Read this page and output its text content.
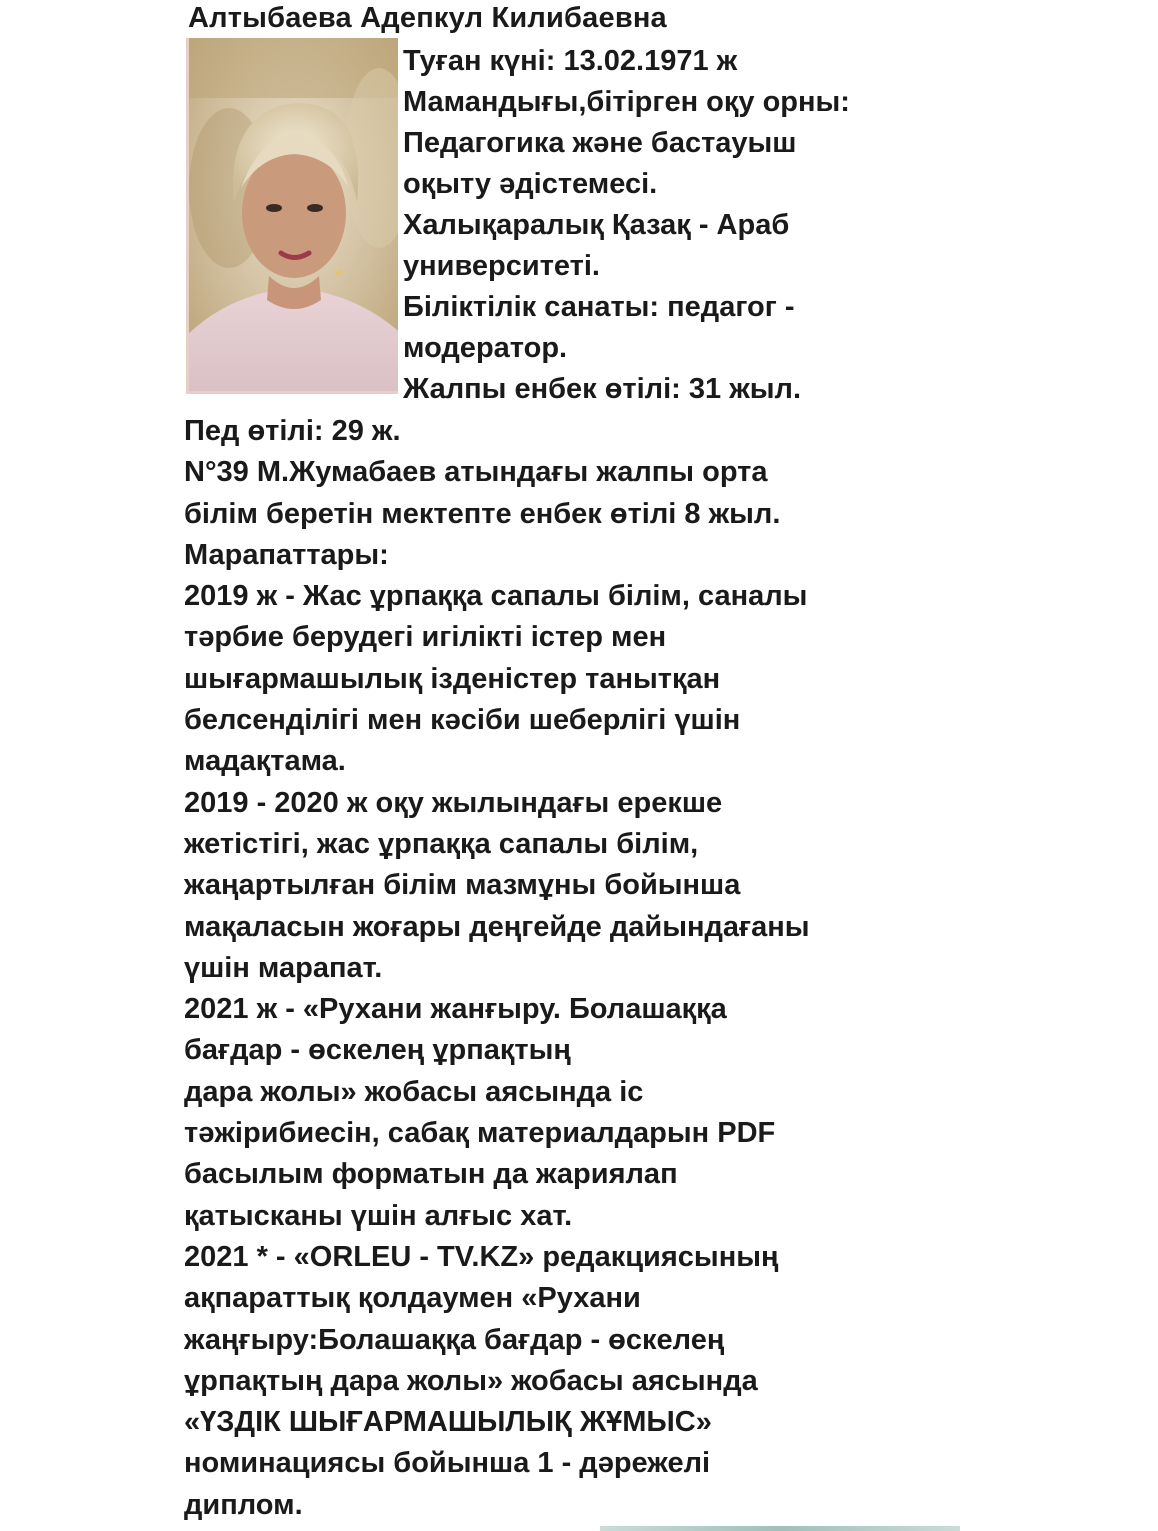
Алтыбаева Адепкул Килибаевна
Туған күні: 13.02.1971 ж
Мамандығы,бітірген оқу орны:
Педагогика және бастауыш
оқыту әдістемесі.
Халықаралық Қазақ - Араб
университеті.
Біліктілік санаты: педагог -
модератор.
Жалпы енбек өтілі: 31 жыл.
Пед өтілі: 29 ж.
N°39 М.Жумабаев атындағы жалпы орта
білім беретін мектепте енбек өтілі 8 жыл.
Марапаттары:
2019 ж - Жас ұрпаққа сапалы білім, саналы
тәрбие берудегі игілікті істер мен
шығармашылық ізденістер танытқан
белсенділігі мен кәсіби шеберлігі үшін
мадақтама.
2019 - 2020 ж оқу жылындағы ерекше
жетістігі, жас ұрпаққа сапалы білім,
жаңартылған білім мазмұны бойынша
мақаласын жоғары деңгейде дайындағаны
үшін марапат.
2021 ж - «Рухани жанғыру. Болашаққа
бағдар - өскелең ұрпақтың
дара жолы» жобасы аясында іс
тәжірибиесін, сабақ материалдарын PDF
басылым форматын да жариялап
қатысканы үшін алғыс хат.
2021 * - «ORLEU - TV.KZ» редакциясының
ақпараттық қолдаумен «Рухани
жаңғыру:Болашаққа бағдар - өскелең
ұрпақтың дара жолы» жобасы аясында
«ҮЗДІК ШЫҒАРМАШЫЛЫҚ ЖҰМЫС»
номинациясы бойынша 1 - дәрежелі
диплом.
